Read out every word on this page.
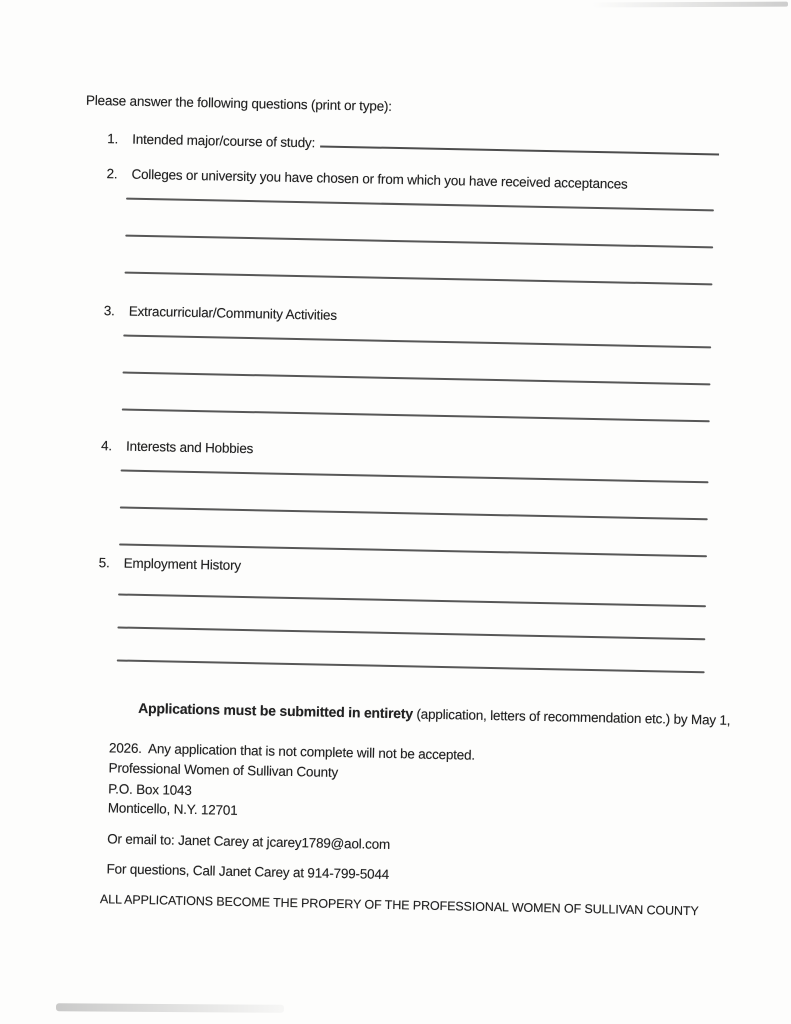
Please answer the following questions (print or type):
1.	Intended major/course of study:
2.	Colleges or university you have chosen or from which you have received acceptances
3.	Extracurricular/Community Activities
4.	Interests and Hobbies
5.	Employment History

Applications must be submitted in entirety (application, letters of recommendation etc.) by May 1,

2026.  Any application that is not complete will not be accepted.
Professional Women of Sullivan County
P.O. Box 1043
Monticello, N.Y. 12701
Or email to: Janet Carey at jcarey1789@aol.com
For questions, Call Janet Carey at 914-799-5044
ALL APPLICATIONS BECOME THE PROPERY OF THE PROFESSIONAL WOMEN OF SULLIVAN COUNTY
